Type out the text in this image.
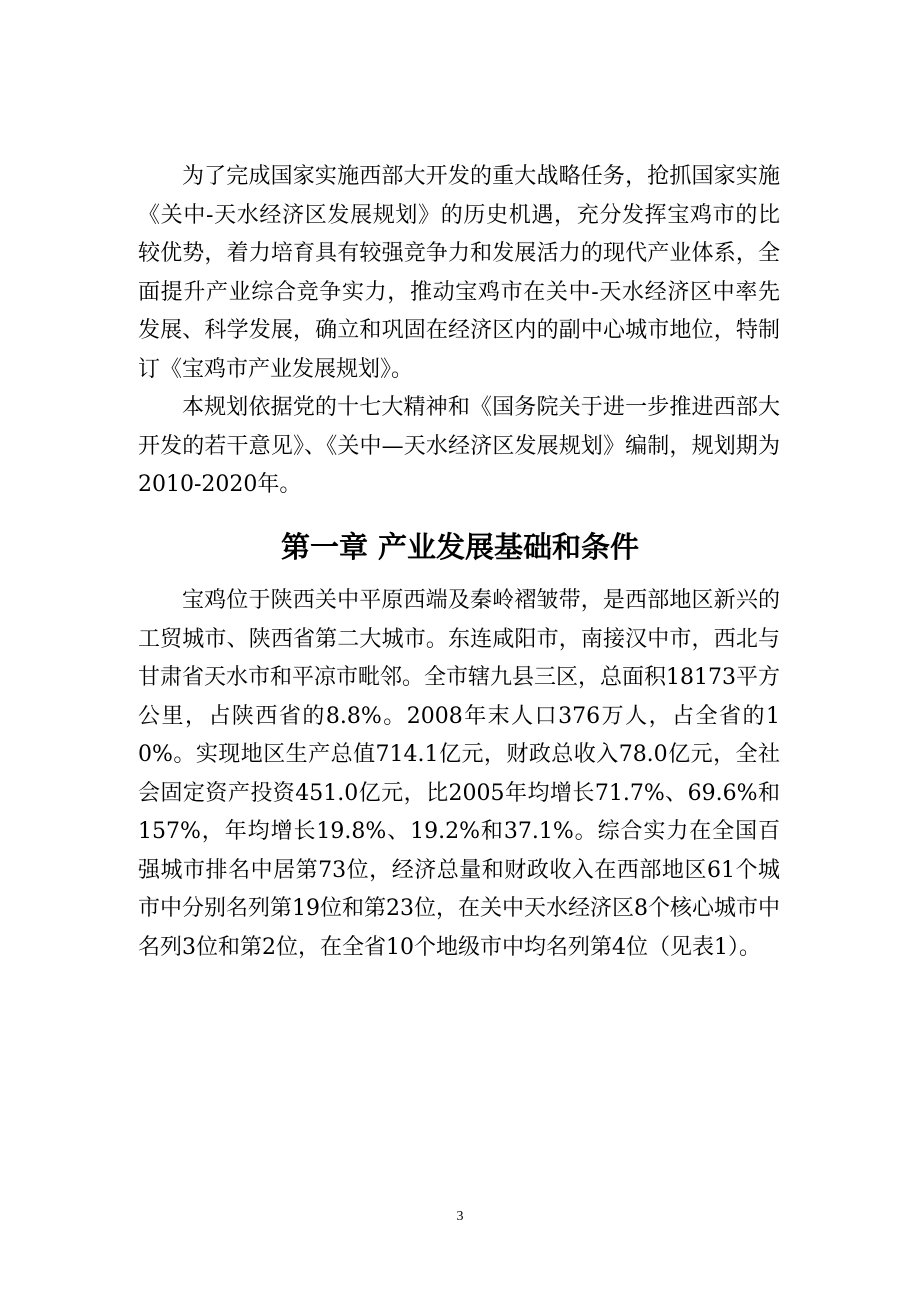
为了完成国家实施西部大开发的重大战略任务，抢抓国家实施《关中-天水经济区发展规划》的历史机遇，充分发挥宝鸡市的比较优势，着力培育具有较强竞争力和发展活力的现代产业体系，全面提升产业综合竞争实力，推动宝鸡市在关中-天水经济区中率先发展、科学发展，确立和巩固在经济区内的副中心城市地位，特制订《宝鸡市产业发展规划》。

本规划依据党的十七大精神和《国务院关于进一步推进西部大开发的若干意见》、《关中—天水经济区发展规划》编制，规划期为2010-2020年。

第一章 产业发展基础和条件

宝鸡位于陕西关中平原西端及秦岭褶皱带，是西部地区新兴的工贸城市、陕西省第二大城市。东连咸阳市，南接汉中市，西北与甘肃省天水市和平凉市毗邻。全市辖九县三区，总面积18173平方公里，占陕西省的8.8%。2008年末人口376万人，占全省的10%。实现地区生产总值714.1亿元，财政总收入78.0亿元，全社会固定资产投资451.0亿元，比2005年均增长71.7%、69.6%和157%，年均增长19.8%、19.2%和37.1%。综合实力在全国百强城市排名中居第73位，经济总量和财政收入在西部地区61个城市中分别名列第19位和第23位，在关中天水经济区8个核心城市中名列3位和第2位，在全省10个地级市中均名列第4位（见表1）。

3
